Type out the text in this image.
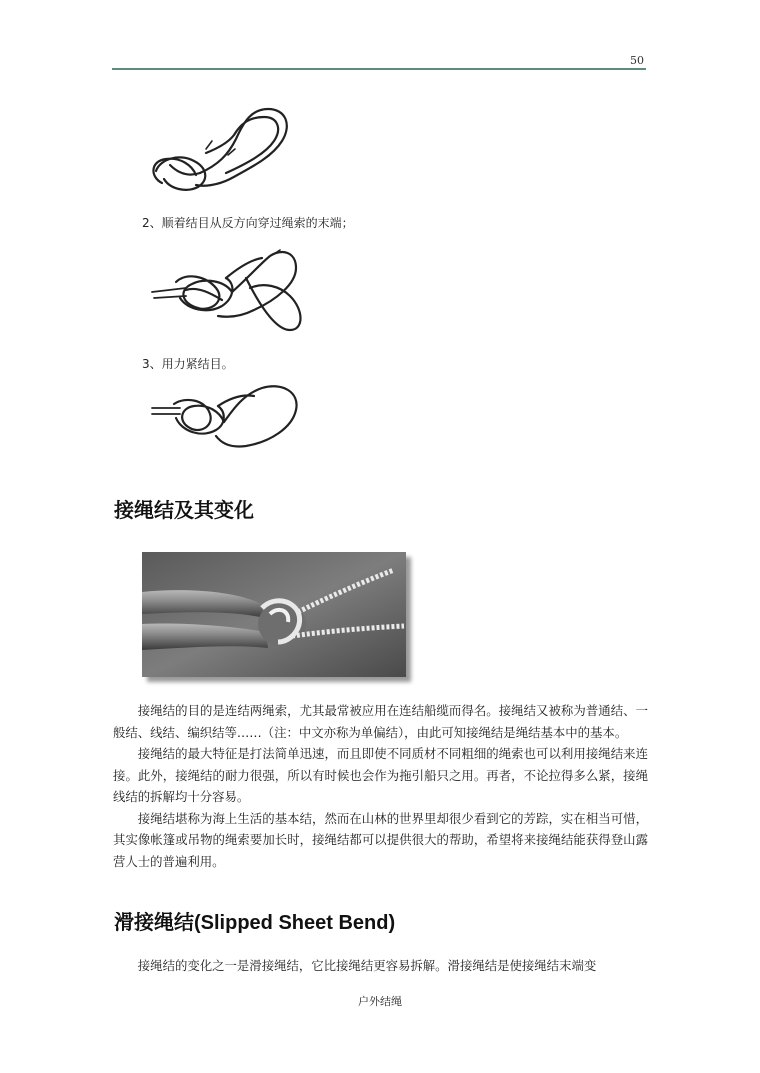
50
2、顺着结目从反方向穿过绳索的末端；
3、用力紧结目。
接绳结及其变化

接绳结的目的是连结两绳索，尤其最常被应用在连结船缆而得名。接绳结又被称为普通结、一般结、线结、编织结等……（注：中文亦称为单偏结），由此可知接绳结是绳结基本中的基本。

接绳结的最大特征是打法简单迅速，而且即使不同质材不同粗细的绳索也可以利用接绳结来连接。此外，接绳结的耐力很强，所以有时候也会作为拖引船只之用。再者，不论拉得多么紧，接绳线结的拆解均十分容易。

接绳结堪称为海上生活的基本结，然而在山林的世界里却很少看到它的芳踪，实在相当可惜，其实像帐篷或吊物的绳索要加长时，接绳结都可以提供很大的帮助，希望将来接绳结能获得登山露营人士的普遍利用。

滑接绳结(Slipped Sheet Bend)

接绳结的变化之一是滑接绳结，它比接绳结更容易拆解。滑接绳结是使接绳结末端变

户外结绳
